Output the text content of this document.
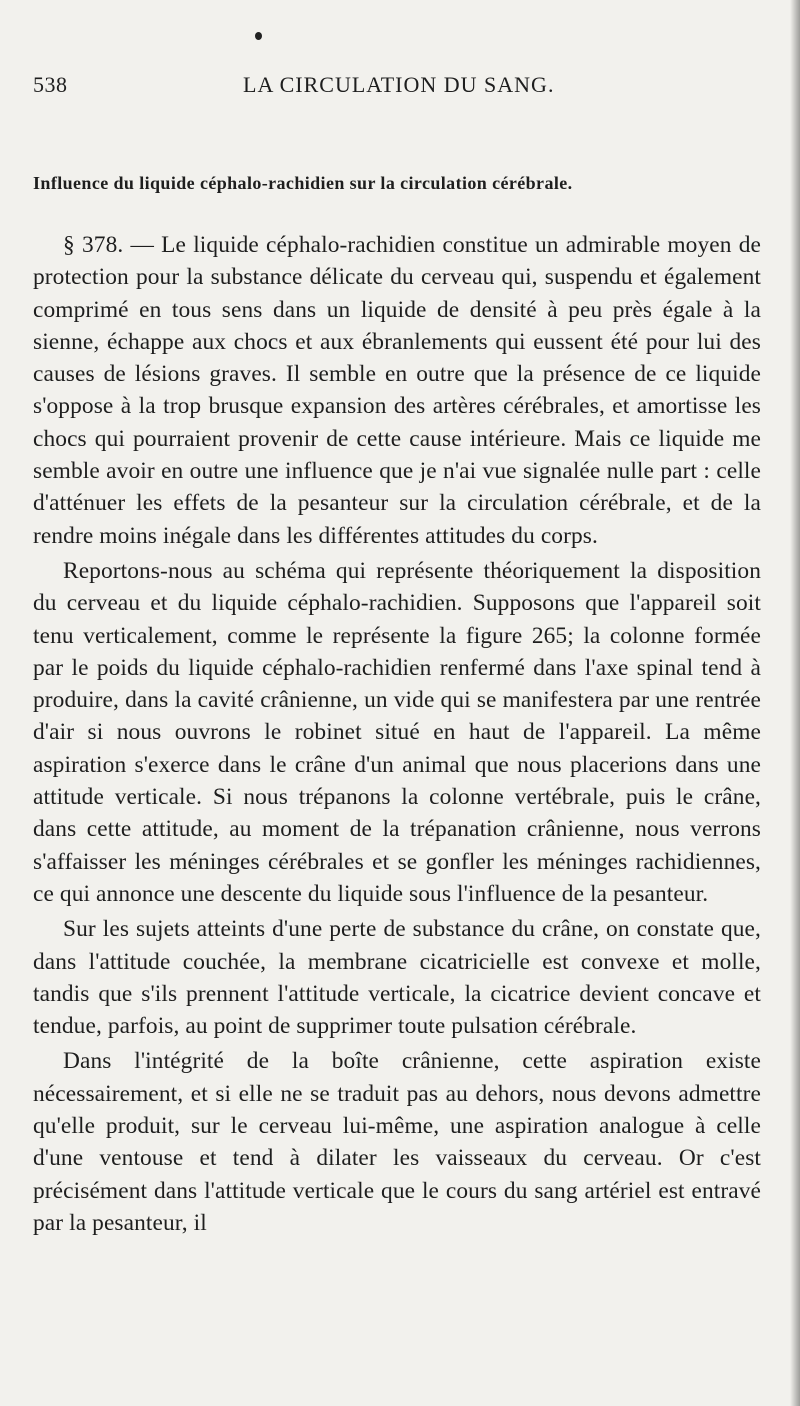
538	LA CIRCULATION DU SANG.
Influence du liquide céphalo-rachidien sur la circulation cérébrale.

§ 378. — Le liquide céphalo-rachidien constitue un admirable moyen de protection pour la substance délicate du cerveau qui, suspendu et également comprimé en tous sens dans un liquide de densité à peu près égale à la sienne, échappe aux chocs et aux ébranlements qui eussent été pour lui des causes de lésions graves. Il semble en outre que la présence de ce liquide s'oppose à la trop brusque expansion des artères cérébrales, et amortisse les chocs qui pourraient provenir de cette cause intérieure. Mais ce liquide me semble avoir en outre une influence que je n'ai vue signalée nulle part : celle d'atténuer les effets de la pesanteur sur la circulation cérébrale, et de la rendre moins inégale dans les différentes attitudes du corps.

Reportons-nous au schéma qui représente théoriquement la disposition du cerveau et du liquide céphalo-rachidien. Supposons que l'appareil soit tenu verticalement, comme le représente la figure 265; la colonne formée par le poids du liquide céphalo-rachidien renfermé dans l'axe spinal tend à produire, dans la cavité crânienne, un vide qui se manifestera par une rentrée d'air si nous ouvrons le robinet situé en haut de l'appareil. La même aspiration s'exerce dans le crâne d'un animal que nous placerions dans une attitude verticale. Si nous trépanons la colonne vertébrale, puis le crâne, dans cette attitude, au moment de la trépanation crânienne, nous verrons s'affaisser les méninges cérébrales et se gonfler les méninges rachidiennes, ce qui annonce une descente du liquide sous l'influence de la pesanteur.

Sur les sujets atteints d'une perte de substance du crâne, on constate que, dans l'attitude couchée, la membrane cicatricielle est convexe et molle, tandis que s'ils prennent l'attitude verticale, la cicatrice devient concave et tendue, parfois, au point de supprimer toute pulsation cérébrale.

Dans l'intégrité de la boîte crânienne, cette aspiration existe nécessairement, et si elle ne se traduit pas au dehors, nous devons admettre qu'elle produit, sur le cerveau lui-même, une aspiration analogue à celle d'une ventouse et tend à dilater les vaisseaux du cerveau. Or c'est précisément dans l'attitude verticale que le cours du sang artériel est entravé par la pesanteur, il
